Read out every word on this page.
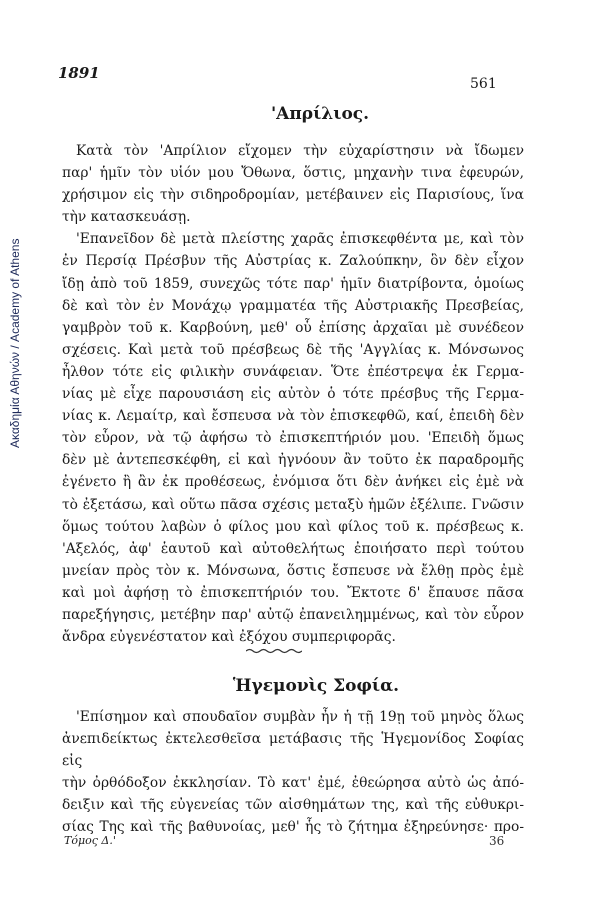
Ακαδημία Αθηνών / Academy of Athens
1891
561
'Απρίλιος.
Κατὰ τὸν 'Απρίλιον εἴχομεν τὴν εὐχαρίστησιν νὰ ἴδωμεν
παρ' ἡμῖν τὸν υἱόν μου Ὄθωνα, ὅστις, μηχανὴν τινα ἐφευρών,
χρήσιμον εἰς τὴν σιδηροδρομίαν, μετέβαινεν εἰς Παρισίους, ἵνα
τὴν κατασκευάσῃ.
'Επανεῖδον δὲ μετὰ πλείστης χαρᾶς ἐπισκεφθέντα με, καὶ τὸν
ἐν Περσίᾳ Πρέσβυν τῆς Αὐστρίας κ. Ζαλούπκην, ὃν δὲν εἶχον
ἴδῃ ἀπὸ τοῦ 1859, συνεχῶς τότε παρ' ἡμῖν διατρίβοντα, ὁμοίως
δὲ καὶ τὸν ἐν Μονάχῳ γραμματέα τῆς Αὐστριακῆς Πρεσβείας,
γαμβρὸν τοῦ κ. Καρβούνη, μεθ' οὗ ἐπίσης ἀρχαῖαι μὲ συνέδεον
σχέσεις. Καὶ μετὰ τοῦ πρέσβεως δὲ τῆς 'Αγγλίας κ. Μόνσωνος
ἦλθον τότε εἰς φιλικὴν συνάφειαν. Ὅτε ἐπέστρεψα ἐκ Γερμα-
νίας μὲ εἶχε παρουσιάση εἰς αὐτὸν ὁ τότε πρέσβυς τῆς Γερμα-
νίας κ. Λεμαίτρ, καὶ ἔσπευσα νὰ τὸν ἐπισκεφθῶ, καί, ἐπειδὴ δὲν
τὸν εὗρον, νὰ τῷ ἀφήσω τὸ ἐπισκεπτήριόν μου. 'Επειδὴ ὅμως
δὲν μὲ ἀντεπεσκέφθη, εἰ καὶ ἠγνόουν ἂν τοῦτο ἐκ παραδρομῆς
ἐγένετο ἢ ἂν ἐκ προθέσεως, ἐνόμισα ὅτι δὲν ἀνήκει εἰς ἐμὲ νὰ
τὸ ἐξετάσω, καὶ οὕτω πᾶσα σχέσις μεταξὺ ἡμῶν ἐξέλιπε. Γνῶσιν
ὅμως τούτου λαβὼν ὁ φίλος μου καὶ φίλος τοῦ κ. πρέσβεως κ.
'Αξελός, ἀφ' ἑαυτοῦ καὶ αὐτοθελήτως ἐποιήσατο περὶ τούτου
μνείαν πρὸς τὸν κ. Μόνσωνα, ὅστις ἔσπευσε νὰ ἔλθῃ πρὸς ἐμὲ
καὶ μοὶ ἀφήσῃ τὸ ἐπισκεπτήριόν του. Ἔκτοτε δ' ἔπαυσε πᾶσα
παρεξήγησις, μετέβην παρ' αὐτῷ ἐπανειλημμένως, καὶ τὸν εὗρον
ἄνδρα εὐγενέστατον καὶ ἐξόχου συμπεριφορᾶς.
Ἡγεμονὶς Σοφία.
'Επίσημον καὶ σπουδαῖον συμβὰν ἦν ἡ τῇ 19ῃ τοῦ μηνὸς ὅλως
ἀνεπιδείκτως ἐκτελεσθεῖσα μετάβασις τῆς Ἡγεμονίδος Σοφίας εἰς
τὴν ὀρθόδοξον ἐκκλησίαν. Τὸ κατ' ἐμέ, ἐθεώρησα αὐτὸ ὡς ἀπό-
δειξιν καὶ τῆς εὐγενείας τῶν αἰσθημάτων της, καὶ τῆς εὐθυκρι-
σίας Της καὶ τῆς βαθυνοίας, μεθ' ἧς τὸ ζήτημα ἐξηρεύνησε· προ-
Τόμος Δ.'	36
